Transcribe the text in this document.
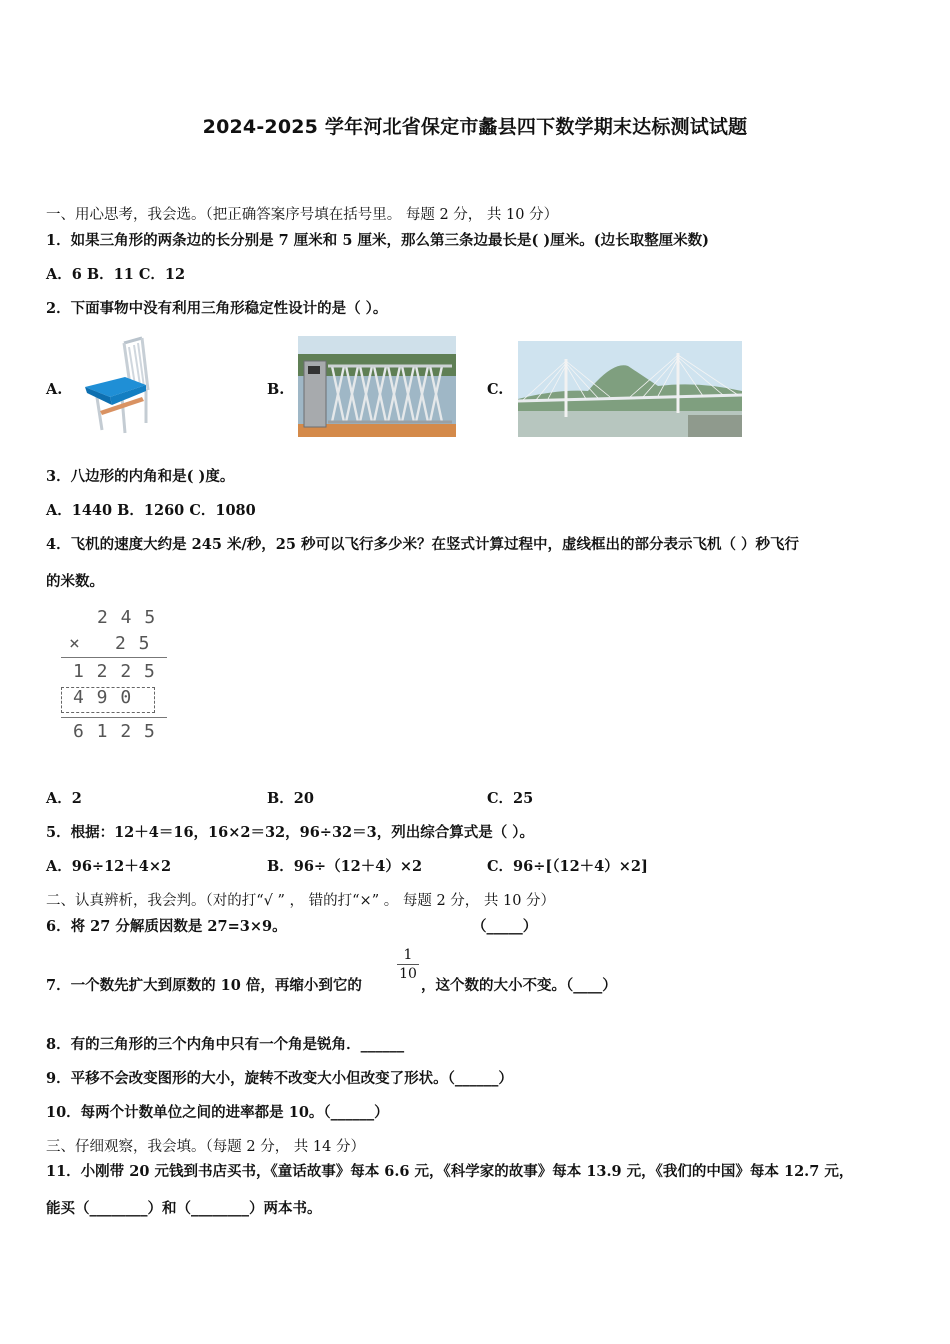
2024-2025 学年河北省保定市蠡县四下数学期末达标测试试题
一、用心思考，我会选。（把正确答案序号填在括号里。 每题 2 分， 共 10 分）
1．如果三角形的两条边的长分别是 7 厘米和 5 厘米，那么第三条边最长是( )厘米。(边长取整厘米数)
A．6 B．11 C．12
2．下面事物中没有利用三角形稳定性设计的是（ ）。
A.	B.	C.
3．八边形的内角和是( )度。
A．1440 B．1260 C．1080
4．飞机的速度大约是 245 米/秒，25 秒可以飞行多少米？在竖式计算过程中，虚线框出的部分表示飞机（ ）秒飞行
的米数。
2 4 5
× 2 5
1 2 2 5
4 9 0
6 1 2 5
A．2	B．20	C．25
5．根据：12＋4＝16，16×2＝32，96÷32＝3，列出综合算式是（ ）。
A．96÷12＋4×2	B．96÷（12＋4）×2	C．96÷[（12＋4）×2]
二、认真辨析，我会判。（对的打“√ ” ， 错的打“×” 。 每题 2 分， 共 10 分）
6．将 27 分解质因数是 27=3×9。	（_____）
7．一个数先扩大到原数的 10 倍，再缩小到它的
$\frac{1}{10}$
，这个数的大小不变。（____）
8．有的三角形的三个内角中只有一个角是锐角．______
9．平移不会改变图形的大小，旋转不改变大小但改变了形状。（______）
10．每两个计数单位之间的进率都是 10。（______）
三、仔细观察，我会填。（每题 2 分， 共 14 分）
11．小刚带 20 元钱到书店买书，《童话故事》每本 6.6 元，《科学家的故事》每本 13.9 元，《我们的中国》每本 12.7 元，
能买（________）和（________）两本书。
